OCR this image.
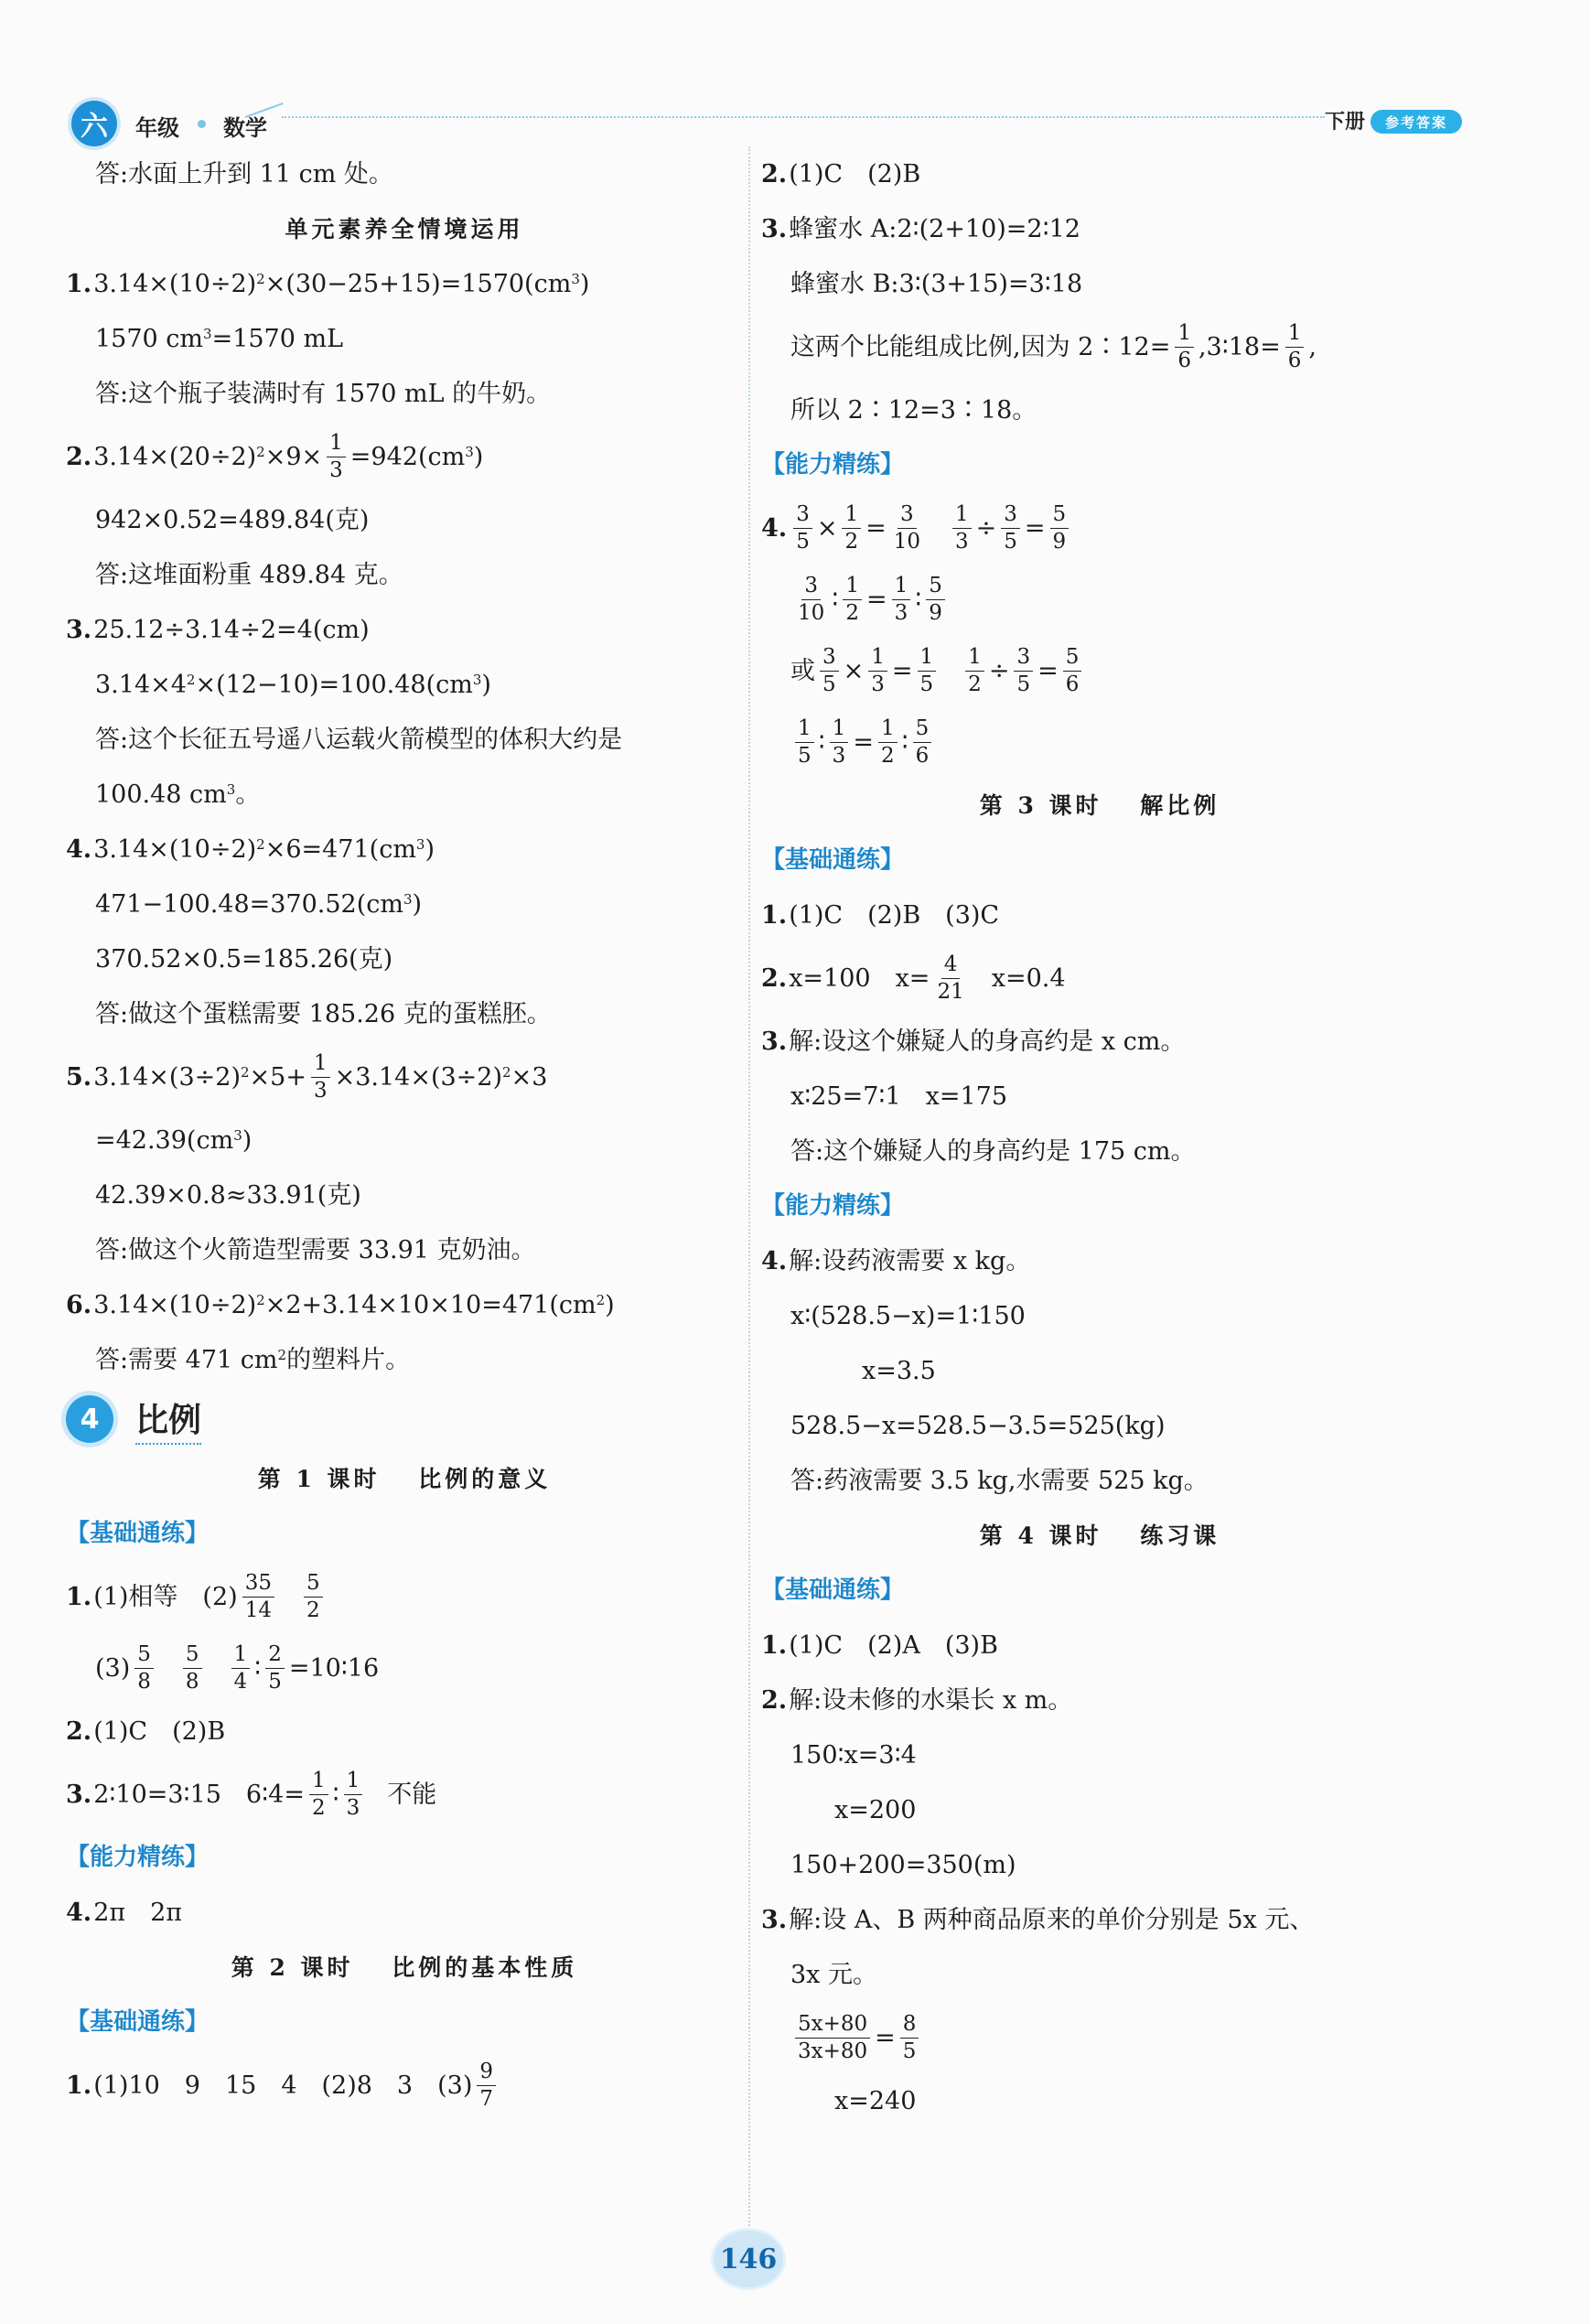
六	年级 数学	下册	参考答案
答:水面上升到 11 cm 处。
单元素养全情境运用
1. 3.14×(10÷2) 2 ×(30−25+15)=1570(cm 3 )
1570 cm 3 =1570 mL
答:这个瓶子装满时有 1570 mL 的牛奶。
2. 3.14×(20÷2) $2 \times 9\times \frac{1}{3} =942(cm$ 3 )
942×0.52=489.84(克)
答:这堆面粉重 489.84 克。
3. 25.12÷3.14÷2=4(cm)
3.14×4 2 ×(12−10)=100.48(cm 3 )
答:这个长征五号遥八运载火箭模型的体积大约是
100.48 cm 3 。
4. 3.14×(10÷2) 2 ×6=471(cm 3 )
471−100.48=370.52(cm 3 )
370.52×0.5=185.26(克)
答:做这个蛋糕需要 185.26 克的蛋糕胚。
5. 3.14×(3÷2) $2 \times 5+ \frac{1}{3} \times 3.14\times(3\div 2)$ 2 ×3
=42.39(cm 3 )
42.39×0.8≈33.91(克)
答:做这个火箭造型需要 33.91 克奶油。
6. 3.14×(10÷2) 2 ×2+3.14×10×10=471(cm 2 )
答:需要 471 cm 2 的塑料片。
4	比例
第 1 课时　 比例的意义
【基础通练】
1. (1)相等　$(2) \frac{35}{14} \frac{5}{2}$
$(3) \frac{5}{8} \frac{5}{8} \frac{1}{4}$ ∶ $\frac{2}{5}$ =10∶16
2. (1)C　(2)B
3. 2∶10=3∶15　6∶4= $\frac{1}{2}$ ∶ $\frac{1}{3}$ 不能
【能力精练】
4. 2π　2π
第 2 课时　 比例的基本性质
【基础通练】
1. (1)10　9　15　4　(2)8　3　$(3) \frac{9}{7}$
2. (1)C　(2)B
3. 蜂蜜水 A:2∶(2+10)=2∶12
蜂蜜水 B:3∶(3+15)=3∶18
这两个比能组成比例,因为 2∶12= $\frac{1}{6}$ ,3∶18= $\frac{1}{6}$ ,
所以 2∶12=3∶18。
【能力精练】
4. $\frac{3}{5} \times \frac{1}{2} = \frac{3}{10} \frac{1}{3} \div \frac{3}{5} = \frac{5}{9}$
$\frac{3}{10}$ ∶ $\frac{1}{2} = \frac{1}{3}$ ∶ $\frac{5}{9}$
或 $\frac{3}{5} \times \frac{1}{3} = \frac{1}{5} \frac{1}{2} \div \frac{3}{5} = \frac{5}{6}$
$\frac{1}{5}$ ∶ $\frac{1}{3} = \frac{1}{2}$ ∶ $\frac{5}{6}$
第 3 课时　 解比例
【基础通练】
1. (1)C　(2)B　(3)C
2. x=100　$x= \frac{4}{21} x=0.4$
3. 解:设这个嫌疑人的身高约是 x cm。
x∶25=7∶1　x=175
答:这个嫌疑人的身高约是 175 cm。
【能力精练】
4. 解:设药液需要 x kg。
x∶(528.5−x)=1∶150
x=3.5
528.5−x=528.5−3.5=525(kg)
答:药液需要 3.5 kg,水需要 525 kg。
第 4 课时　 练习课
【基础通练】
1. (1)C　(2)A　(3)B
2. 解:设未修的水渠长 x m。
150∶x=3∶4
x=200
150+200=350(m)
3. 解:设 A、B 两种商品原来的单价分别是 5x 元、
3x 元。
$\frac{5x+80}{3x+80} = \frac{8}{5}$
x=240
146
